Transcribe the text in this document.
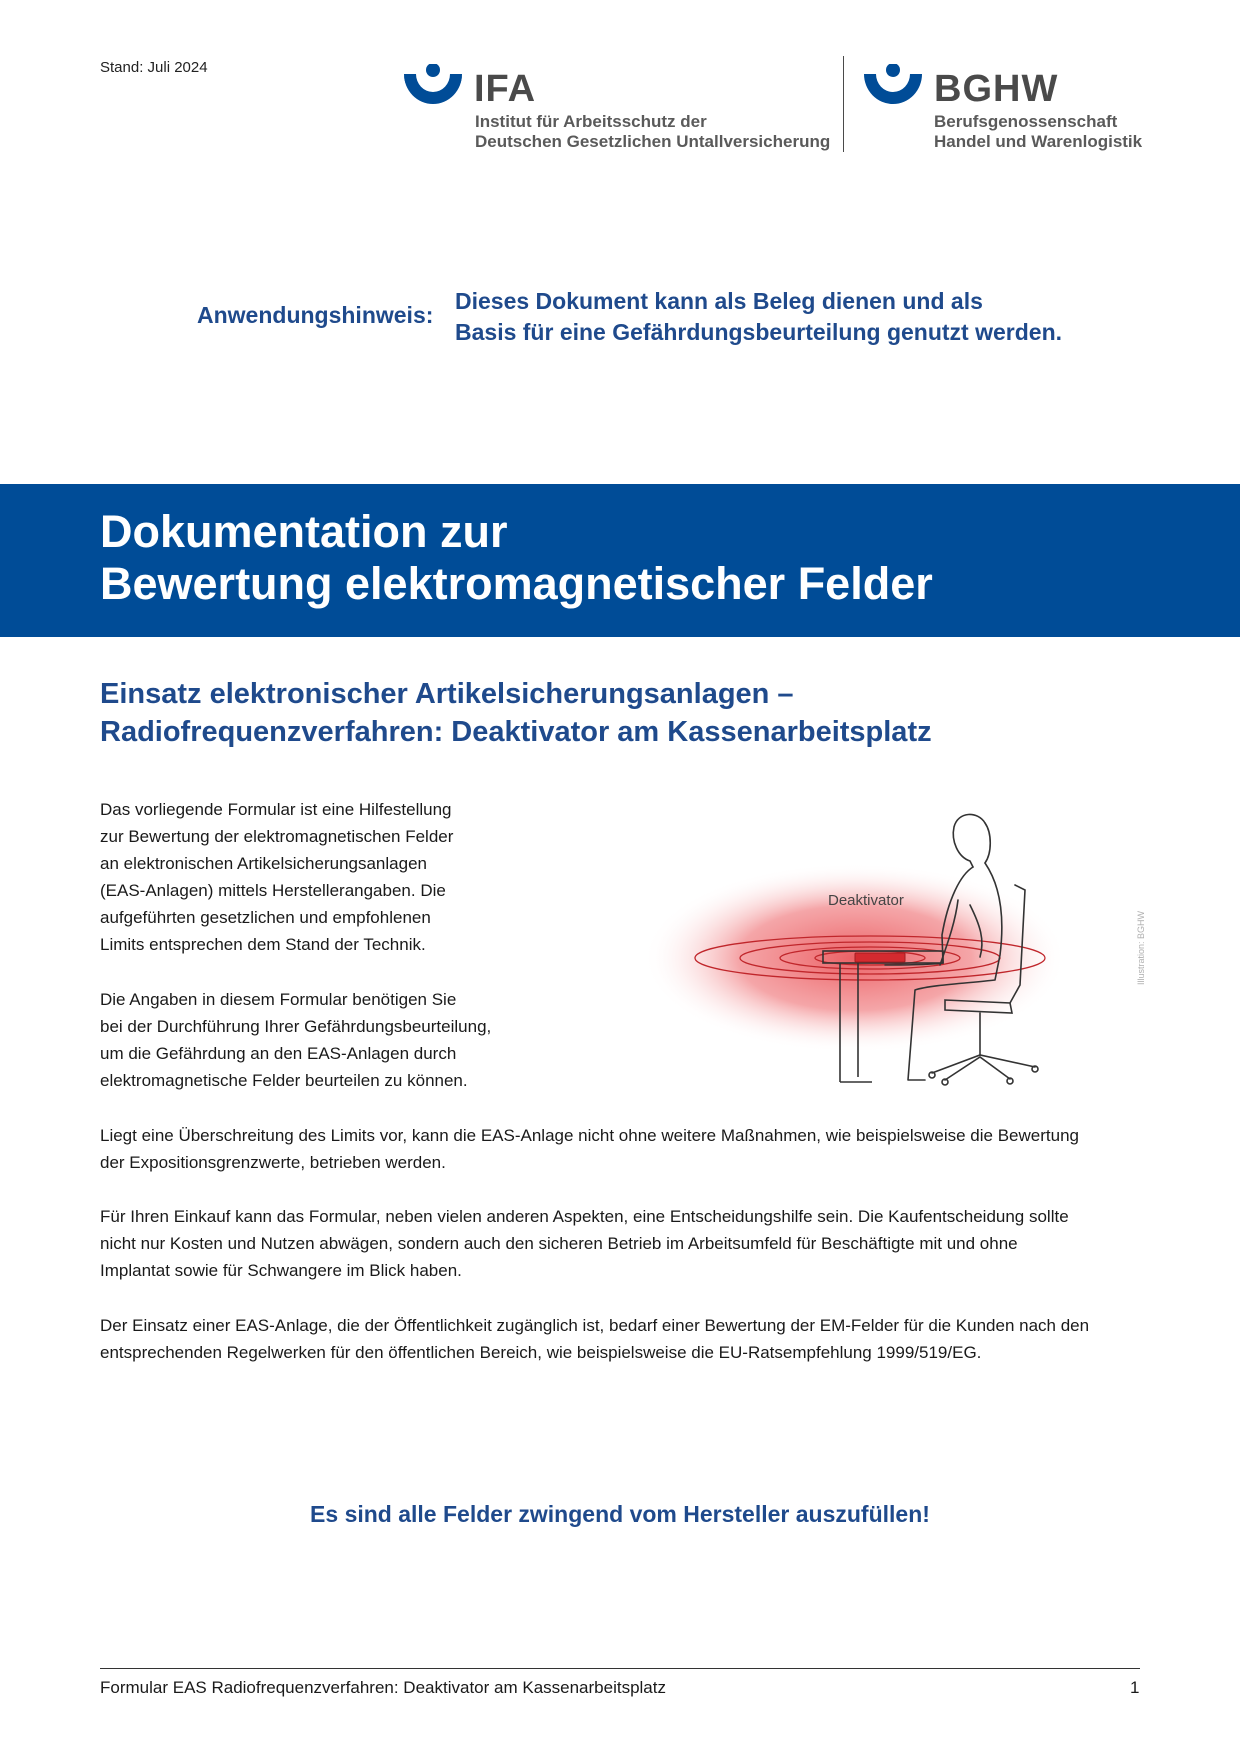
Stand: Juli 2024
IFA
Institut für Arbeitsschutz der
Deutschen Gesetzlichen Untallversicherung
BGHW
Berufsgenossenschaft
Handel und Warenlogistik
Anwendungshinweis:
Dieses Dokument kann als Beleg dienen und als
Basis für eine Gefährdungsbeurteilung genutzt werden.
Dokumentation zur
Bewertung elektromagnetischer Felder
Einsatz elektronischer Artikelsicherungsanlagen –
Radiofrequenzverfahren: Deaktivator am Kassenarbeitsplatz
Das vorliegende Formular ist eine Hilfestellung
zur Bewertung der elektromagnetischen Felder
an elektronischen Artikelsicherungsanlagen
(EAS-Anlagen) mittels Herstellerangaben. Die
aufgeführten gesetzlichen und empfohlenen
Limits entsprechen dem Stand der Technik.
Die Angaben in diesem Formular benötigen Sie
bei der Durchführung Ihrer Gefährdungsbeurteilung,
um die Gefährdung an den EAS-Anlagen durch
elektromagnetische Felder beurteilen zu können.
Deaktivator
Illustration: BGHW
Liegt eine Überschreitung des Limits vor, kann die EAS-Anlage nicht ohne weitere Maßnahmen, wie beispielsweise die Bewertung
der Expositionsgrenzwerte, betrieben werden.
Für Ihren Einkauf kann das Formular, neben vielen anderen Aspekten, eine Entscheidungshilfe sein. Die Kaufentscheidung sollte
nicht nur Kosten und Nutzen abwägen, sondern auch den sicheren Betrieb im Arbeitsumfeld für Beschäftigte mit und ohne
Implantat sowie für Schwangere im Blick haben.
Der Einsatz einer EAS-Anlage, die der Öffentlichkeit zugänglich ist, bedarf einer Bewertung der EM-Felder für die Kunden nach den
entsprechenden Regelwerken für den öffentlichen Bereich, wie beispielsweise die EU-Ratsempfehlung 1999/519/EG.
Es sind alle Felder zwingend vom Hersteller auszufüllen!
Formular EAS Radiofrequenzverfahren: Deaktivator am Kassenarbeitsplatz	1
